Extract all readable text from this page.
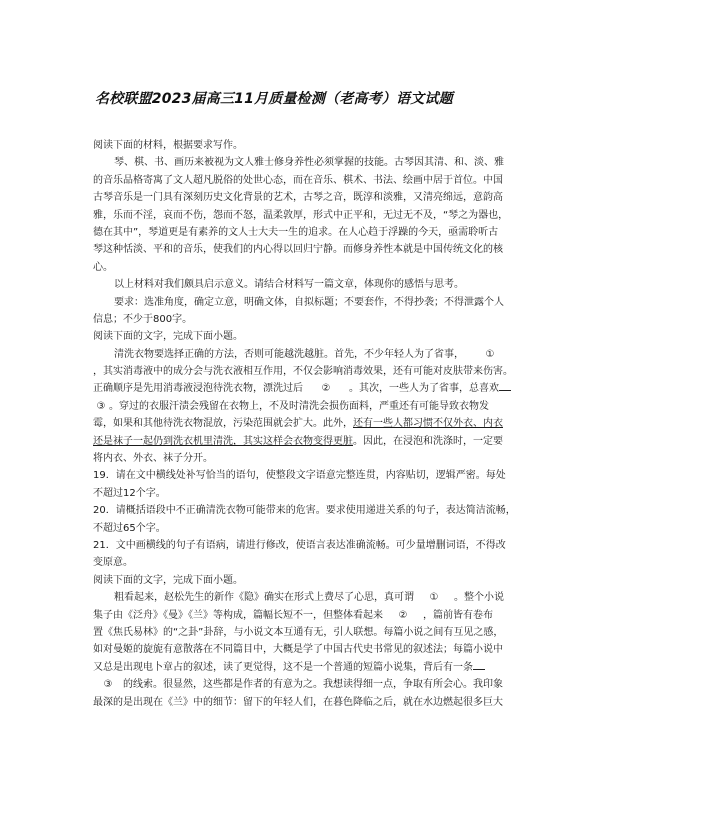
名校联盟2023届高三11月质量检测（老高考）语文试题
阅读下面的材料，根据要求写作。
琴、棋、书、画历来被视为文人雅士修身养性必须掌握的技能。古琴因其清、和、淡、雅
的音乐品格寄寓了文人超凡脱俗的处世心态，而在音乐、棋术、书法、绘画中居于首位。中国
古琴音乐是一门具有深刻历史文化背景的艺术，古琴之音，既淳和淡雅，又清亮绵远，意韵高
雅，乐而不淫，哀而不伤，怨而不怒，温柔敦厚，形式中正平和，无过无不及，“琴之为器也，
德在其中”，琴道更是有素养的文人士大夫一生的追求。在人心趋于浮躁的今天，亟需聆听古
琴这种恬淡、平和的音乐，使我们的内心得以回归宁静。而修身养性本就是中国传统文化的核
心。
以上材料对我们颇具启示意义。请结合材料写一篇文章，体现你的感悟与思考。
要求：选准角度，确定立意，明确文体，自拟标题；不要套作，不得抄袭；不得泄露个人
信息；不少于800字。
阅读下面的文字，完成下面小题。
清洗衣物要选择正确的方法，否则可能越洗越脏。首先，不少年轻人为了省事， ①
，其实消毒液中的成分会与洗衣液相互作用，不仅会影响消毒效果，还有可能对皮肤带来伤害。
正确顺序是先用消毒液浸泡待洗衣物，漂洗过后 ② 。其次，一些人为了省事，总喜欢
③ 。穿过的衣服汗渍会残留在衣物上，不及时清洗会损伤面料，严重还有可能导致衣物发
霉，如果和其他待洗衣物混放，污染范围就会扩大。此外，还有一些人都习惯不仅外衣、内衣
还是袜子一起仍到洗衣机里清洗，其实这样会衣物变得更脏。因此，在浸泡和洗涤时，一定要
将内衣、外衣、袜子分开。
19．请在文中横线处补写恰当的语句，使整段文字语意完整连贯，内容贴切，逻辑严密。每处
不超过12个字。
20．请概括语段中不正确清洗衣物可能带来的危害。要求使用递进关系的句子，表达简洁流畅，
不超过65个字。
21．文中画横线的句子有语病，请进行修改，使语言表达准确流畅。可少量增删词语，不得改
变原意。
阅读下面的文字，完成下面小题。
粗看起来，赵松先生的新作《隐》确实在形式上费尽了心思，真可谓 ① 。整个小说
集子由《泛舟》《曼》《兰》等构成，篇幅长短不一，但整体看起来 ② ，篇前皆有卷布
置《焦氏易林》的“之卦”卦辞，与小说文本互通有无，引人联想。每篇小说之间有互见之感，
如对曼姬的旋旎有意散落在不同篇目中，大概是学了中国古代史书常见的叙述法；每篇小说中
又总是出现电卜章占的叙述，读了更觉得，这不是一个普通的短篇小说集，背后有一条
③ 的线索。很显然，这些都是作者的有意为之。我想读得细一点，争取有所会心。我印象
最深的是出现在《兰》中的细节：留下的年轻人们，在暮色降临之后，就在水边燃起很多巨大
